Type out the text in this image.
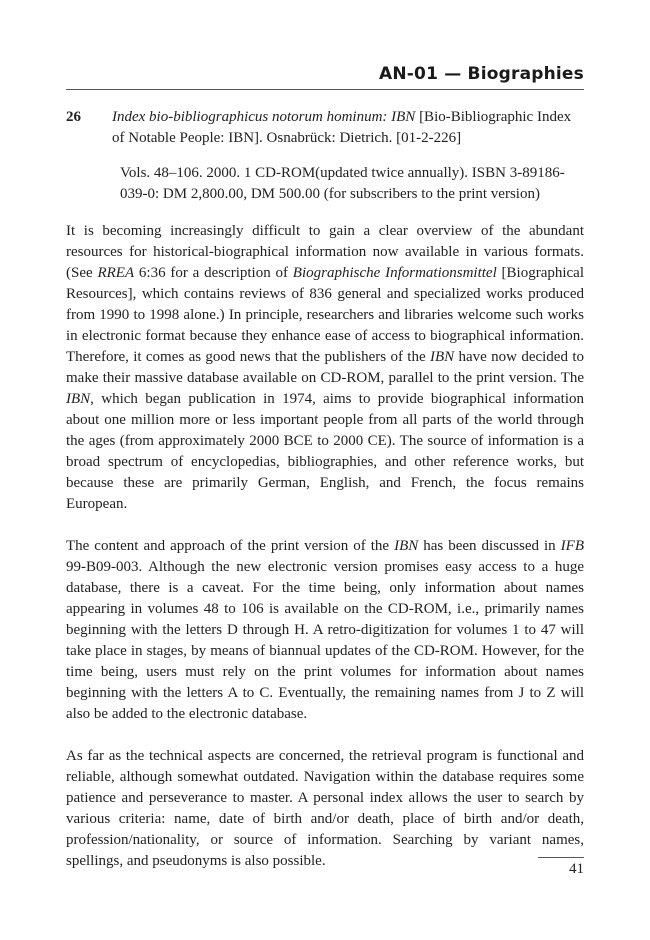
AN-01 — Biographies
26 Index bio-bibliographicus notorum hominum: IBN [Bio-Bibliographic Index of Notable People: IBN]. Osnabrück: Dietrich. [01-2-226]
Vols. 48–106. 2000. 1 CD-ROM(updated twice annually). ISBN 3-89186-039-0: DM 2,800.00, DM 500.00 (for subscribers to the print version)

It is becoming increasingly difficult to gain a clear overview of the abundant resources for historical-biographical information now available in various formats. (See RREA 6:36 for a description of Biographische Informationsmittel [Biographical Resources], which contains reviews of 836 general and specialized works produced from 1990 to 1998 alone.) In principle, researchers and libraries welcome such works in electronic format because they enhance ease of access to biographical information. Therefore, it comes as good news that the publishers of the IBN have now decided to make their massive database available on CD-ROM, parallel to the print version. The IBN, which began publication in 1974, aims to provide biographical information about one million more or less important people from all parts of the world through the ages (from approximately 2000 BCE to 2000 CE). The source of information is a broad spectrum of encyclopedias, bibliographies, and other reference works, but because these are primarily German, English, and French, the focus remains European.

The content and approach of the print version of the IBN has been discussed in IFB 99-B09-003. Although the new electronic version promises easy access to a huge database, there is a caveat. For the time being, only information about names appearing in volumes 48 to 106 is available on the CD-ROM, i.e., primarily names beginning with the letters D through H. A retro-digitization for volumes 1 to 47 will take place in stages, by means of biannual updates of the CD-ROM. However, for the time being, users must rely on the print volumes for information about names beginning with the letters A to C. Eventually, the remaining names from J to Z will also be added to the electronic database.

As far as the technical aspects are concerned, the retrieval program is functional and reliable, although somewhat outdated. Navigation within the database requires some patience and perseverance to master. A personal index allows the user to search by various criteria: name, date of birth and/or death, place of birth and/or death, profession/nationality, or source of information. Searching by variant names, spellings, and pseudonyms is also possible.	41
